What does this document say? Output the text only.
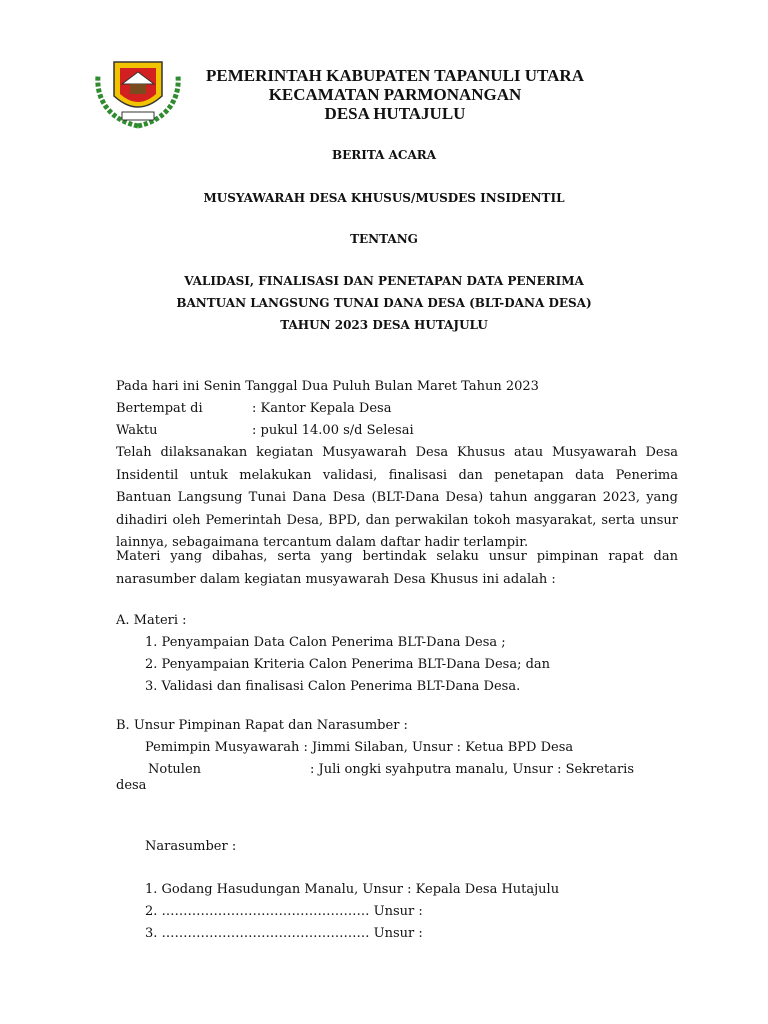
PEMERINTAH KABUPATEN TAPANULI UTARA
KECAMATAN PARMONANGAN
DESA HUTAJULU
BERITA ACARA
MUSYAWARAH DESA KHUSUS/MUSDES INSIDENTIL
TENTANG
VALIDASI, FINALISASI DAN PENETAPAN DATA PENERIMA
BANTUAN LANGSUNG TUNAI DANA DESA (BLT-DANA DESA)
TAHUN 2023 DESA HUTAJULU
Pada hari ini Senin Tanggal Dua Puluh Bulan Maret Tahun 2023
Bertempat di	: Kantor Kepala Desa
Waktu	: pukul 14.00 s/d Selesai
Telah dilaksanakan kegiatan Musyawarah Desa Khusus atau Musyawarah Desa Insidentil untuk melakukan validasi, finalisasi dan penetapan data Penerima Bantuan Langsung Tunai Dana Desa (BLT-Dana Desa) tahun anggaran 2023, yang dihadiri oleh Pemerintah Desa, BPD, dan perwakilan tokoh masyarakat, serta unsur lainnya, sebagaimana tercantum dalam daftar hadir terlampir.
Materi yang dibahas, serta yang bertindak selaku unsur pimpinan rapat dan narasumber dalam kegiatan musyawarah Desa Khusus ini adalah :
A. Materi :
1. Penyampaian Data Calon Penerima BLT-Dana Desa ;
2. Penyampaian Kriteria Calon Penerima BLT-Dana Desa; dan
3. Validasi dan finalisasi Calon Penerima BLT-Dana Desa.
B. Unsur Pimpinan Rapat dan Narasumber :
Pemimpin Musyawarah : Jimmi Silaban, Unsur : Ketua BPD Desa
Notulen	: Juli ongki syahputra manalu, Unsur : Sekretaris
desa
Narasumber :
1. Godang Hasudungan Manalu, Unsur : Kepala Desa Hutajulu
2. ………………………………………… Unsur :
3. ………………………………………… Unsur :
